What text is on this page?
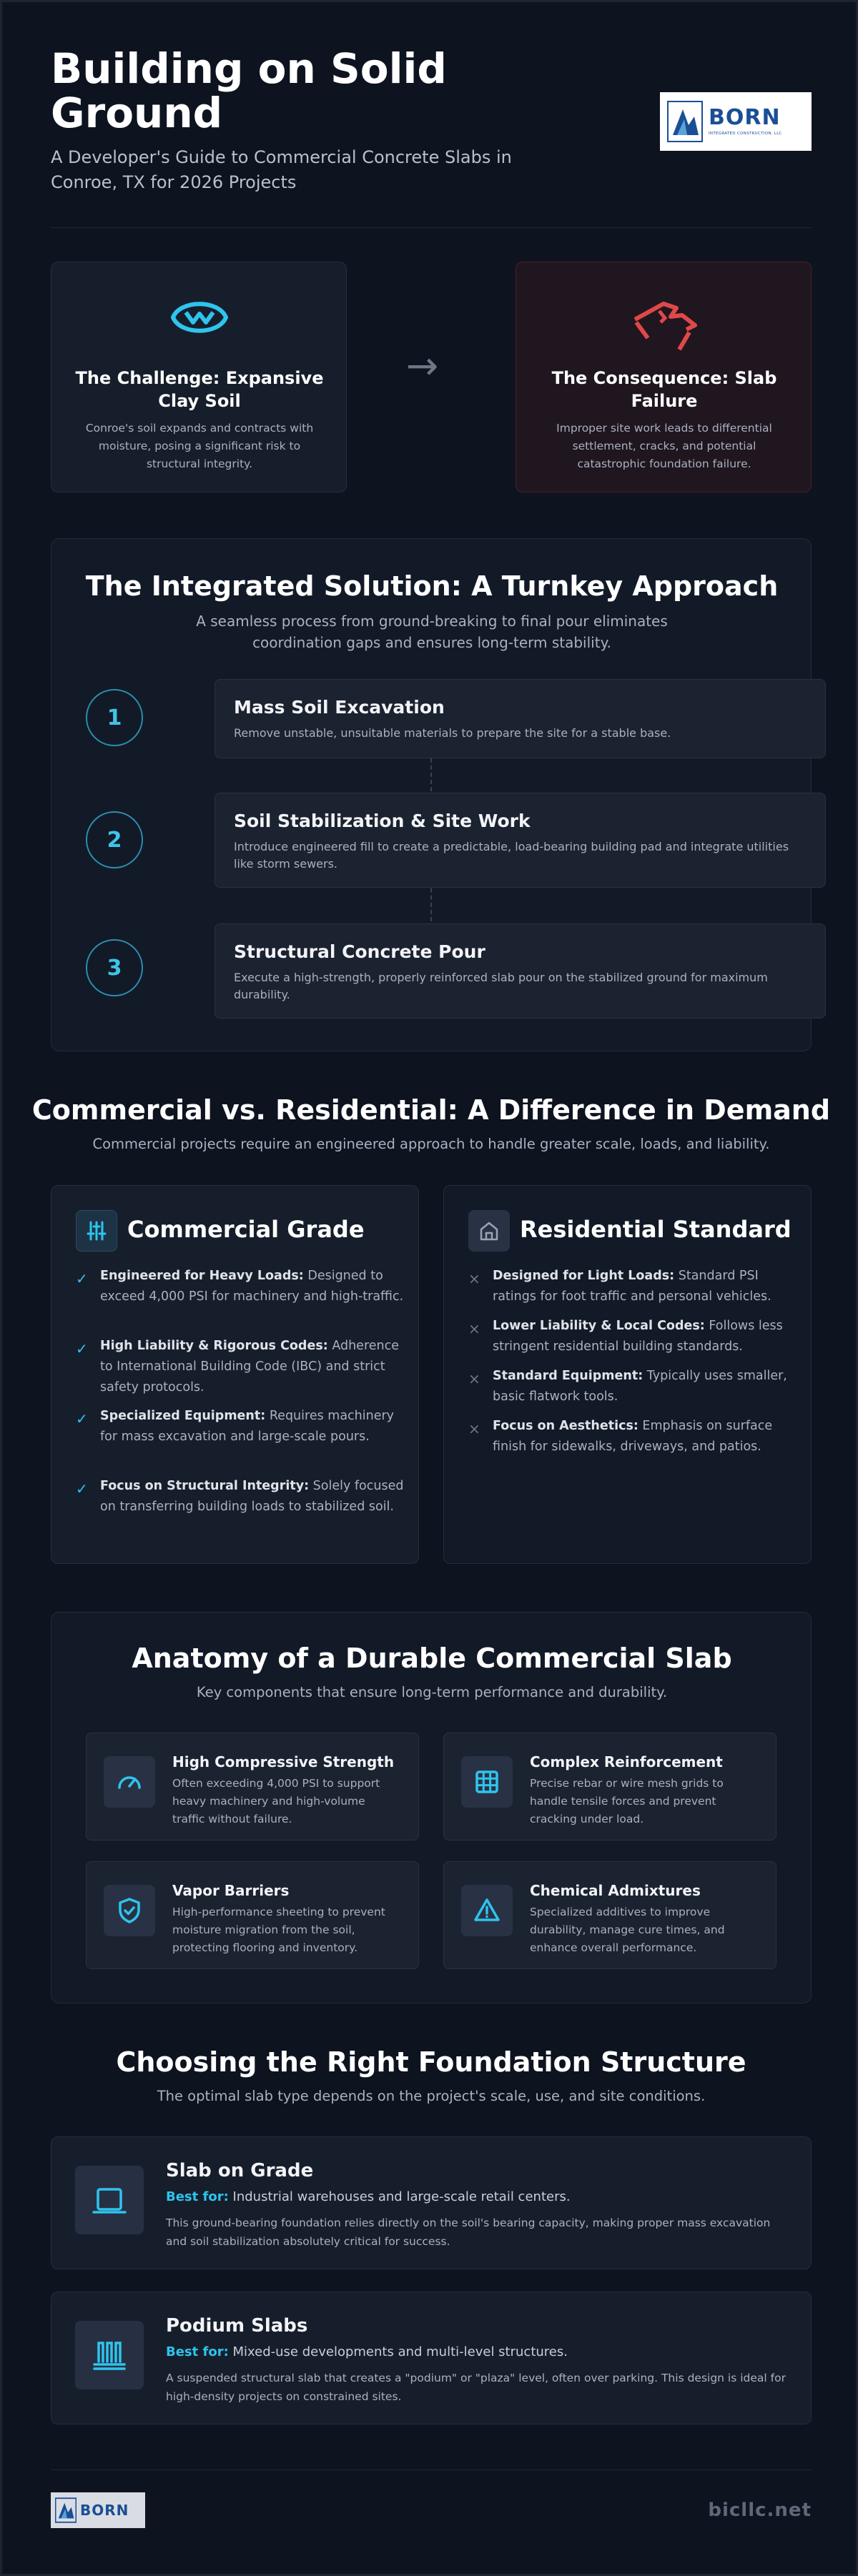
Building on Solid Ground
A Developer's Guide to Commercial Concrete Slabs in Conroe, TX for 2026 Projects
BORN
INTEGRATED CONSTRUCTION, LLC
The Challenge: Expansive Clay Soil
Conroe's soil expands and contracts with moisture, posing a significant risk to structural integrity.
→	The Consequence: Slab Failure
Improper site work leads to differential settlement, cracks, and potential catastrophic foundation failure.
The Integrated Solution: A Turnkey Approach
A seamless process from ground-breaking to final pour eliminates coordination gaps and ensures long-term stability.
1	Mass Soil Excavation
Remove unstable, unsuitable materials to prepare the site for a stable base.
2
Soil Stabilization & Site Work
Introduce engineered fill to create a predictable, load-bearing building pad and integrate utilities like storm sewers.
3
Structural Concrete Pour
Execute a high-strength, properly reinforced slab pour on the stabilized ground for maximum durability.
Commercial vs. Residential: A Difference in Demand
Commercial projects require an engineered approach to handle greater scale, loads, and liability.
Commercial Grade
✓ Engineered for Heavy Loads: Designed to exceed 4,000 PSI for machinery and high-traffic.
✓ High Liability & Rigorous Codes: Adherence to International Building Code (IBC) and strict safety protocols.
✓ Specialized Equipment: Requires machinery for mass excavation and large-scale pours.
✓ Focus on Structural Integrity: Solely focused on transferring building loads to stabilized soil.
Residential Standard
× Designed for Light Loads: Standard PSI ratings for foot traffic and personal vehicles.
× Lower Liability & Local Codes: Follows less stringent residential building standards.
× Standard Equipment: Typically uses smaller, basic flatwork tools.
× Focus on Aesthetics: Emphasis on surface finish for sidewalks, driveways, and patios.
Anatomy of a Durable Commercial Slab
Key components that ensure long-term performance and durability.
High Compressive Strength
Often exceeding 4,000 PSI to support heavy machinery and high-volume traffic without failure.
Complex Reinforcement
Precise rebar or wire mesh grids to handle tensile forces and prevent cracking under load.
Vapor Barriers
High-performance sheeting to prevent moisture migration from the soil, protecting flooring and inventory.
Chemical Admixtures
Specialized additives to improve durability, manage cure times, and enhance overall performance.
Choosing the Right Foundation Structure
The optimal slab type depends on the project's scale, use, and site conditions.
Slab on Grade
Best for: Industrial warehouses and large-scale retail centers.
This ground-bearing foundation relies directly on the soil's bearing capacity, making proper mass excavation and soil stabilization absolutely critical for success.
Podium Slabs
Best for: Mixed-use developments and multi-level structures.
A suspended structural slab that creates a "podium" or "plaza" level, often over parking. This design is ideal for high-density projects on constrained sites.
BORN	bicllc.net
